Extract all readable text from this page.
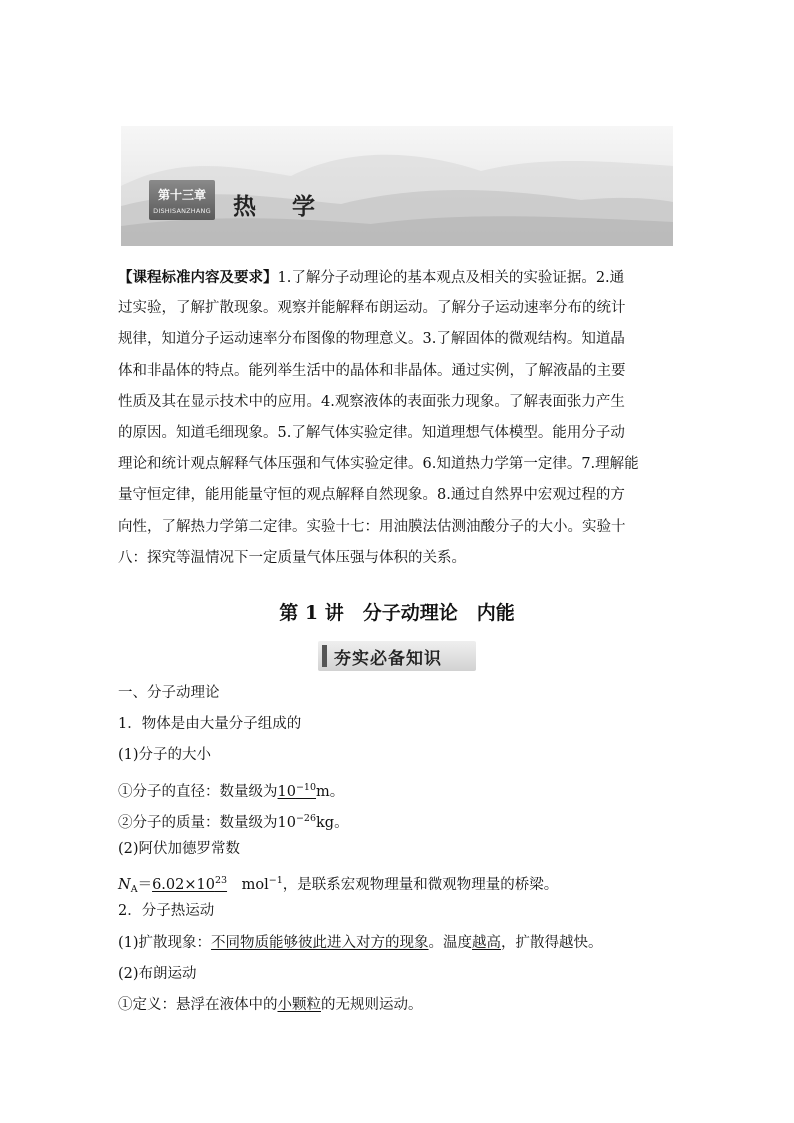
第十三章
DISHISANZHANG 热 学
【课程标准内容及要求】1.了解分子动理论的基本观点及相关的实验证据。2.通
过实验，了解扩散现象。观察并能解释布朗运动。了解分子运动速率分布的统计
规律，知道分子运动速率分布图像的物理意义。3.了解固体的微观结构。知道晶
体和非晶体的特点。能列举生活中的晶体和非晶体。通过实例，了解液晶的主要
性质及其在显示技术中的应用。4.观察液体的表面张力现象。了解表面张力产生
的原因。知道毛细现象。5.了解气体实验定律。知道理想气体模型。能用分子动
理论和统计观点解释气体压强和气体实验定律。6.知道热力学第一定律。7.理解能
量守恒定律，能用能量守恒的观点解释自然现象。8.通过自然界中宏观过程的方
向性，了解热力学第二定律。实验十七：用油膜法估测油酸分子的大小。实验十
八：探究等温情况下一定质量气体压强与体积的关系。
第 1 讲　分子动理论　内能
夯实必备知识
一、分子动理论
1．物体是由大量分子组成的
(1)分子的大小
①分子的直径：数量级为$10^{-10}m$。
②分子的质量：数量级为$10^{-26}kg$。
(2)阿伏加德罗常数
$N_A=6.02\times 10^{23}$ mol$^{-1}$，是联系宏观物理量和微观物理量的桥梁。
2．分子热运动
(1)扩散现象：不同物质能够彼此进入对方的现象。温度越高，扩散得越快。
(2)布朗运动
①定义：悬浮在液体中的小颗粒的无规则运动。
